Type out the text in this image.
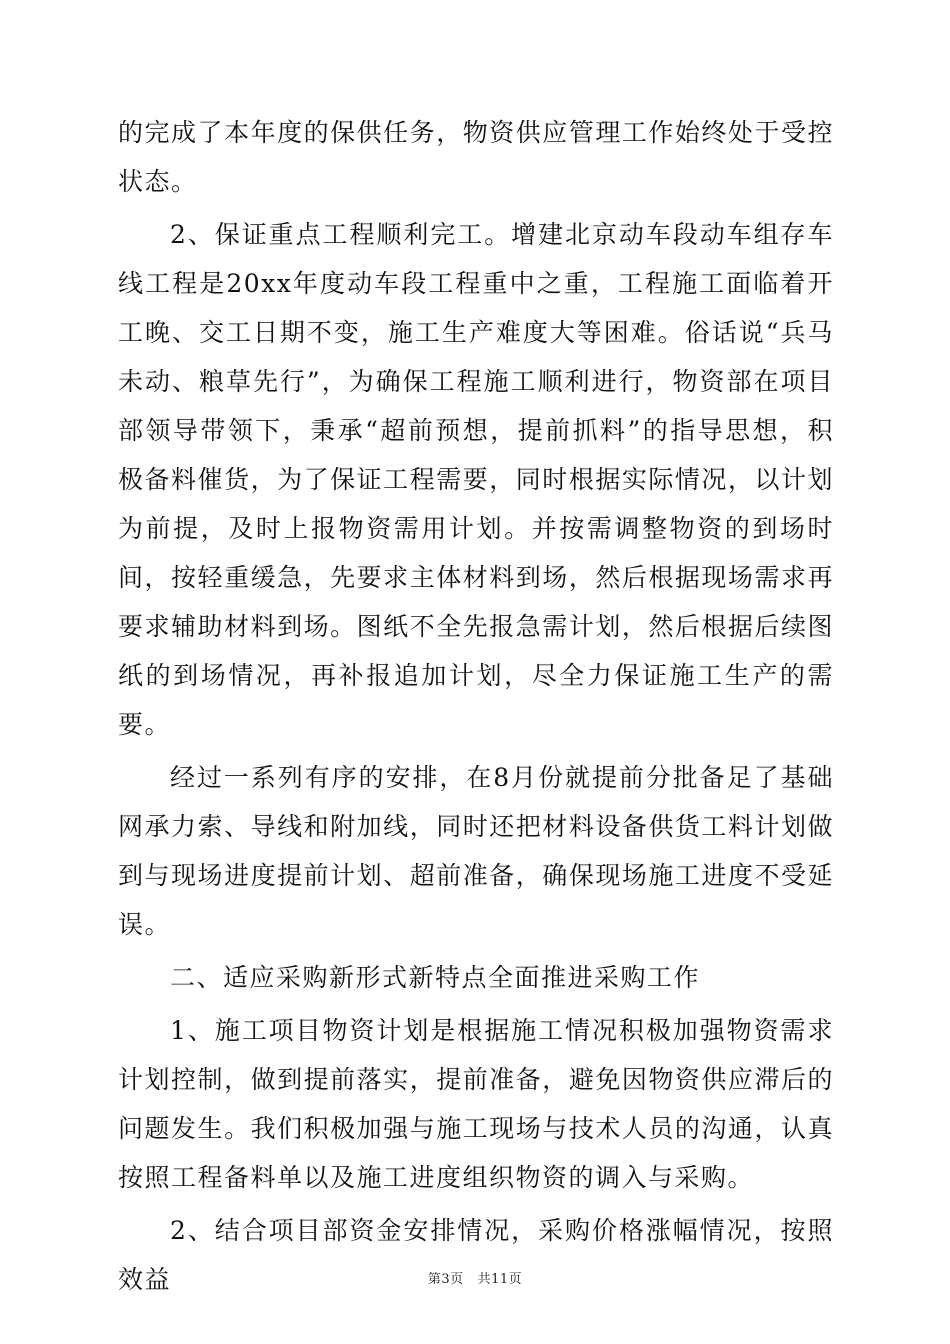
的完成了本年度的保供任务，物资供应管理工作始终处于受控状态。

2、保证重点工程顺利完工。增建北京动车段动车组存车线工程是20xx年度动车段工程重中之重，工程施工面临着开工晚、交工日期不变，施工生产难度大等困难。俗话说“兵马未动、粮草先行”，为确保工程施工顺利进行，物资部在项目部领导带领下，秉承“超前预想，提前抓料”的指导思想，积极备料催货，为了保证工程需要，同时根据实际情况，以计划为前提，及时上报物资需用计划。并按需调整物资的到场时间，按轻重缓急，先要求主体材料到场，然后根据现场需求再要求辅助材料到场。图纸不全先报急需计划，然后根据后续图纸的到场情况，再补报追加计划，尽全力保证施工生产的需要。

经过一系列有序的安排，在8月份就提前分批备足了基础网承力索、导线和附加线，同时还把材料设备供货工料计划做到与现场进度提前计划、超前准备，确保现场施工进度不受延误。

二、适应采购新形式新特点全面推进采购工作

1、施工项目物资计划是根据施工情况积极加强物资需求计划控制，做到提前落实，提前准备，避免因物资供应滞后的问题发生。我们积极加强与施工现场与技术人员的沟通，认真按照工程备料单以及施工进度组织物资的调入与采购。

2、结合项目部资金安排情况，采购价格涨幅情况，按照效益	第3页 共11页
